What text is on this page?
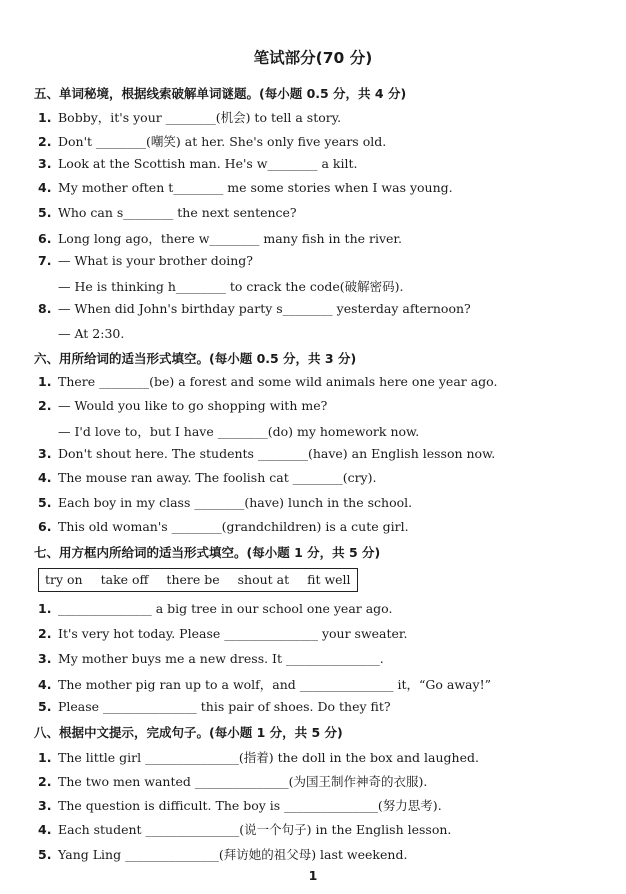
笔试部分(70 分)
五、单词秘境，根据线索破解单词谜题。(每小题 0.5 分，共 4 分)
1. Bobby，it's your ________(机会) to tell a story.
2. Don't ________(嘲笑) at her. She's only five years old.
3. Look at the Scottish man. He's w________ a kilt.
4. My mother often t________ me some stories when I was young.
5. Who can s________ the next sentence?
6. Long long ago，there w________ many fish in the river.
7. — What is your brother doing?
— He is thinking h________ to crack the code(破解密码).
8. — When did John's birthday party s________ yesterday afternoon?
— At 2:30.
六、用所给词的适当形式填空。(每小题 0.5 分，共 3 分)
1. There ________(be) a forest and some wild animals here one year ago.
2. — Would you like to go shopping with me?
— I'd love to，but I have ________(do) my homework now.
3. Don't shout here. The students ________(have) an English lesson now.
4. The mouse ran away. The foolish cat ________(cry).
5. Each boy in my class ________(have) lunch in the school.
6. This old woman's ________(grandchildren) is a cute girl.
七、用方框内所给词的适当形式填空。(每小题 1 分，共 5 分)
try on take off there be shout at fit well
1. _______________ a big tree in our school one year ago.
2. It's very hot today. Please _______________ your sweater.
3. My mother buys me a new dress. It _______________.
4. The mother pig ran up to a wolf，and _______________ it，“Go away!”
5. Please _______________ this pair of shoes. Do they fit?
八、根据中文提示，完成句子。(每小题 1 分，共 5 分)
1. The little girl _______________(指着) the doll in the box and laughed.
2. The two men wanted _______________(为国王制作神奇的衣服).
3. The question is difficult. The boy is _______________(努力思考).
4. Each student _______________(说一个句子) in the English lesson.
5. Yang Ling _______________(拜访她的祖父母) last weekend.
1
